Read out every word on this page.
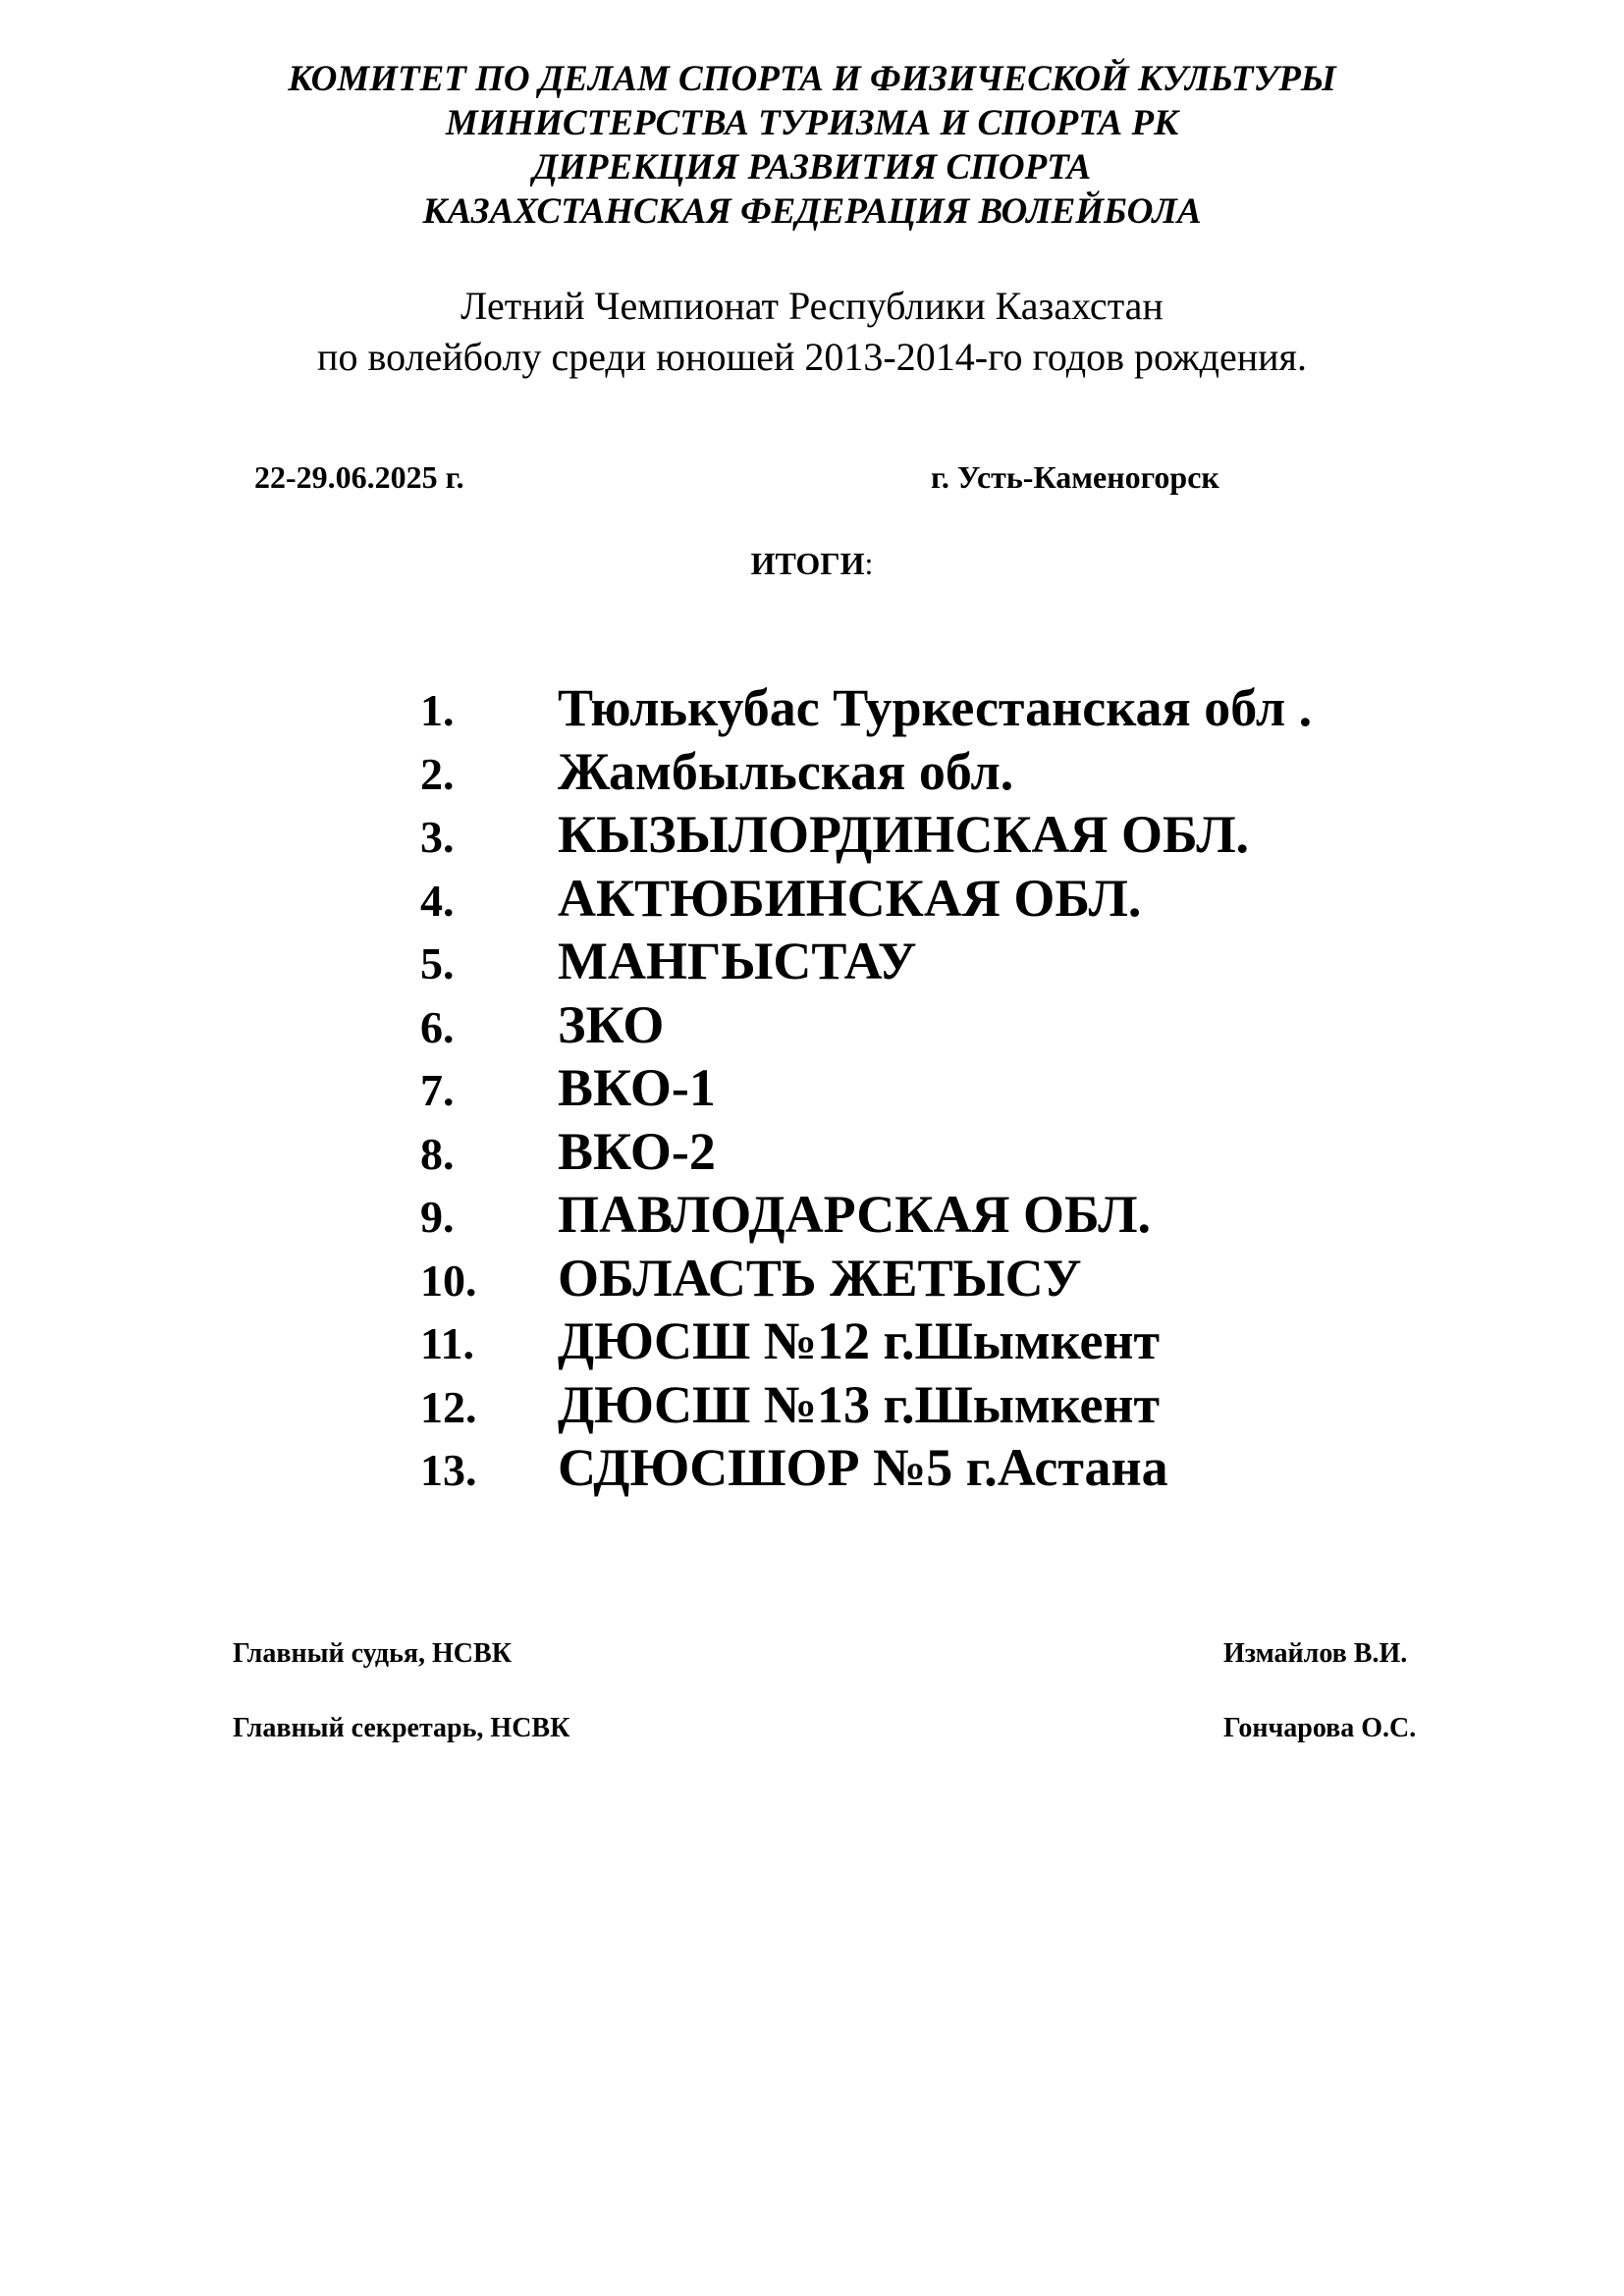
КОМИТЕТ ПО ДЕЛАМ СПОРТА И ФИЗИЧЕСКОЙ КУЛЬТУРЫ
МИНИСТЕРСТВА ТУРИЗМА И СПОРТА РК
ДИРЕКЦИЯ РАЗВИТИЯ СПОРТА
КАЗАХСТАНСКАЯ ФЕДЕРАЦИЯ ВОЛЕЙБОЛА
Летний Чемпионат Республики Казахстан
по волейболу среди юношей 2013-2014-го годов рождения.
22-29.06.2025 г.	г. Усть-Каменогорск
ИТОГИ:
1.	Тюлькубас Туркестанская обл .
2.	Жамбыльская обл.
3.	КЫЗЫЛОРДИНСКАЯ ОБЛ.
4.	АКТЮБИНСКАЯ ОБЛ.
5.	МАНГЫСТАУ
6.	ЗКО
7.	ВКО-1
8.	ВКО-2
9.	ПАВЛОДАРСКАЯ ОБЛ.
10.	ОБЛАСТЬ ЖЕТЫСУ
11.	ДЮСШ №12 г.Шымкент
12.	ДЮСШ №13 г.Шымкент
13.	СДЮСШОР №5 г.Астана
Главный судья, НСВК	Измайлов В.И.
Главный секретарь, НСВК	Гончарова О.С.
